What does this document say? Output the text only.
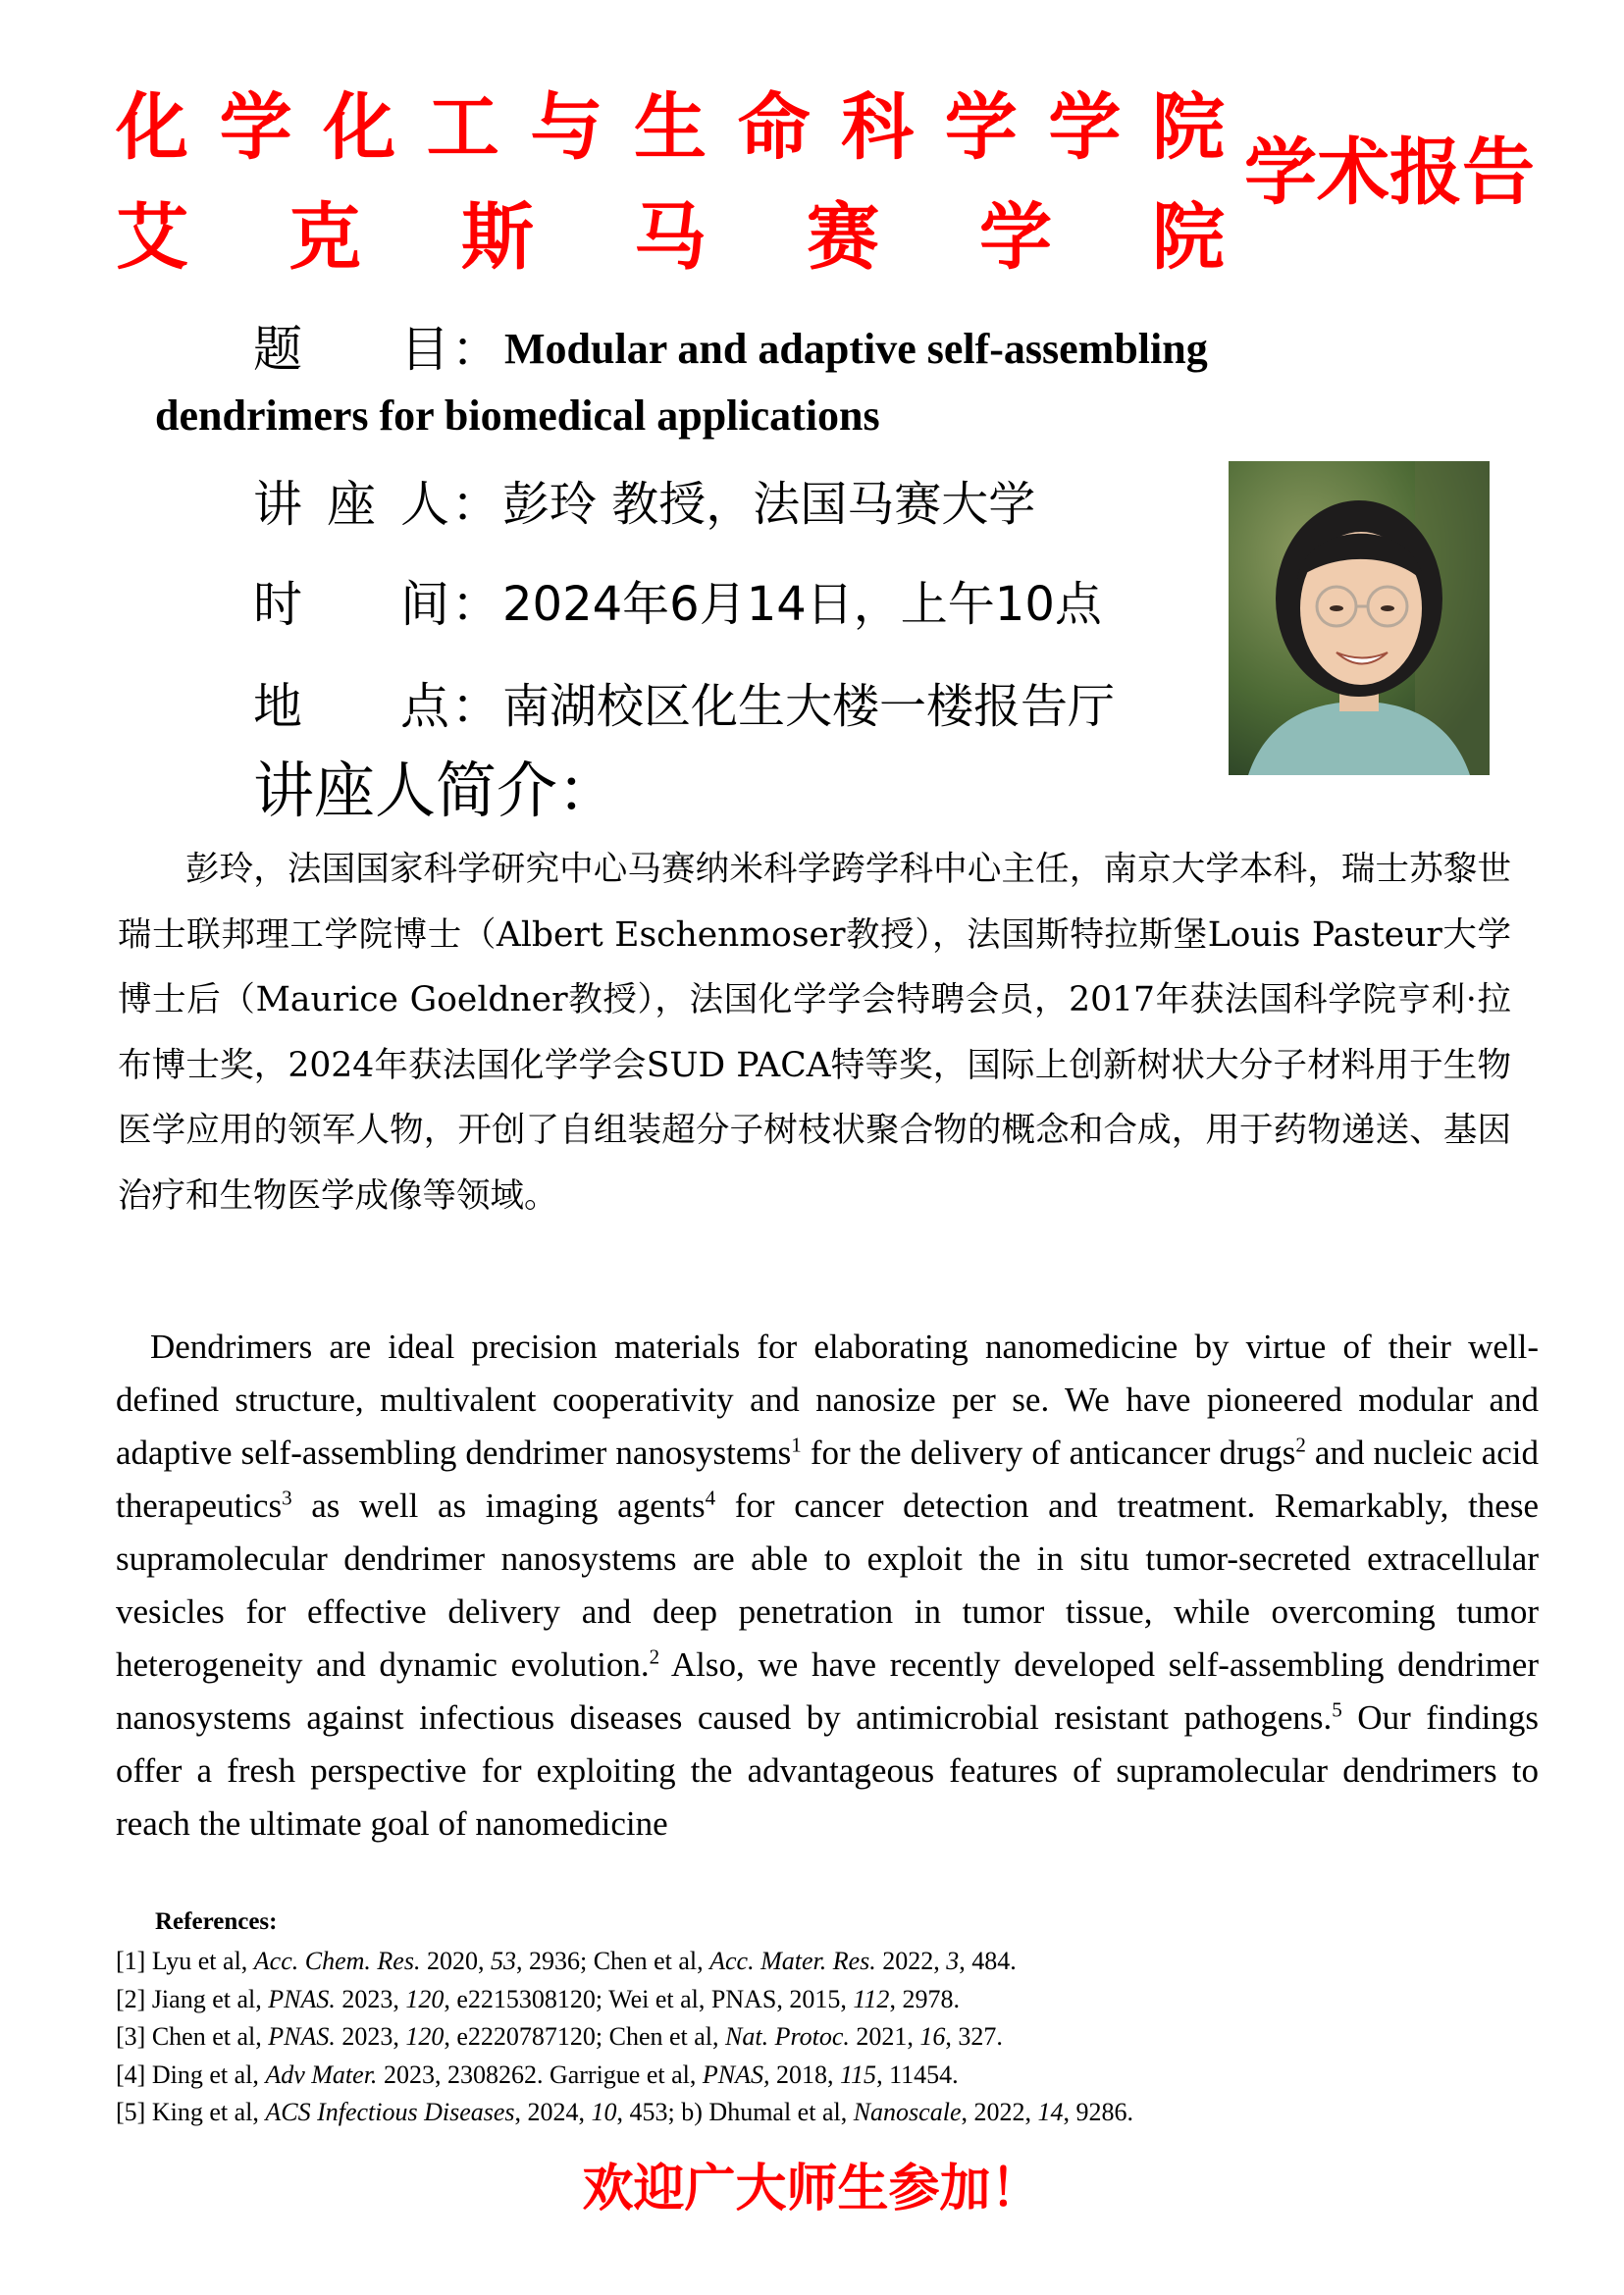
化 学 化 工 与 生 命 科 学 学 院
艾 克 斯 马 赛 学 院
学术报告
题 目 ： Modular and adaptive self-assembling
dendrimers for biomedical applications
讲 座 人 ： 彭玲 教授，法国马赛大学
时 间 ： 2024年6月14日，上午10点
地 点 ： 南湖校区化生大楼一楼报告厅
讲座人简介：
彭玲，法国国家科学研究中心马赛纳米科学跨学科中心主任，南京大学本科，瑞士苏黎世瑞士联邦理工学院博士（Albert Eschenmoser教授），法国斯特拉斯堡Louis Pasteur大学博士后（Maurice Goeldner教授），法国化学学会特聘会员，2017年获法国科学院亨利·拉布博士奖，2024年获法国化学学会SUD PACA特等奖，国际上创新树状大分子材料用于生物医学应用的领军人物，开创了自组装超分子树枝状聚合物的概念和合成，用于药物递送、基因治疗和生物医学成像等领域。
Dendrimers are ideal precision materials for elaborating nanomedicine by virtue of their well-defined structure, multivalent cooperativity and nanosize per se. We have pioneered modular and adaptive self-assembling dendrimer nanosystems$^1$ for the delivery of anticancer drugs$^2$ and nucleic acid therapeutics$^3$ as well as imaging agents$^4$ for cancer detection and treatment. Remarkably, these supramolecular dendrimer nanosystems are able to exploit the in situ tumor-secreted extracellular vesicles for effective delivery and deep penetration in tumor tissue, while overcoming tumor heterogeneity and dynamic evolution.$^2$ Also, we have recently developed self-assembling dendrimer nanosystems against infectious diseases caused by antimicrobial resistant pathogens.$^5$ Our findings offer a fresh perspective for exploiting the advantageous features of supramolecular dendrimers to reach the ultimate goal of nanomedicine
References:
[1] Lyu et al, Acc. Chem. Res. 2020, 53, 2936; Chen et al, Acc. Mater. Res. 2022, 3, 484.
[2] Jiang et al, PNAS. 2023, 120, e2215308120; Wei et al, PNAS, 2015, 112, 2978.
[3] Chen et al, PNAS. 2023, 120, e2220787120; Chen et al, Nat. Protoc. 2021, 16, 327.
[4] Ding et al, Adv Mater. 2023, 2308262. Garrigue et al, PNAS, 2018, 115, 11454.
[5] King et al, ACS Infectious Diseases, 2024, 10, 453; b) Dhumal et al, Nanoscale, 2022, 14, 9286.
欢迎广大师生参加！
